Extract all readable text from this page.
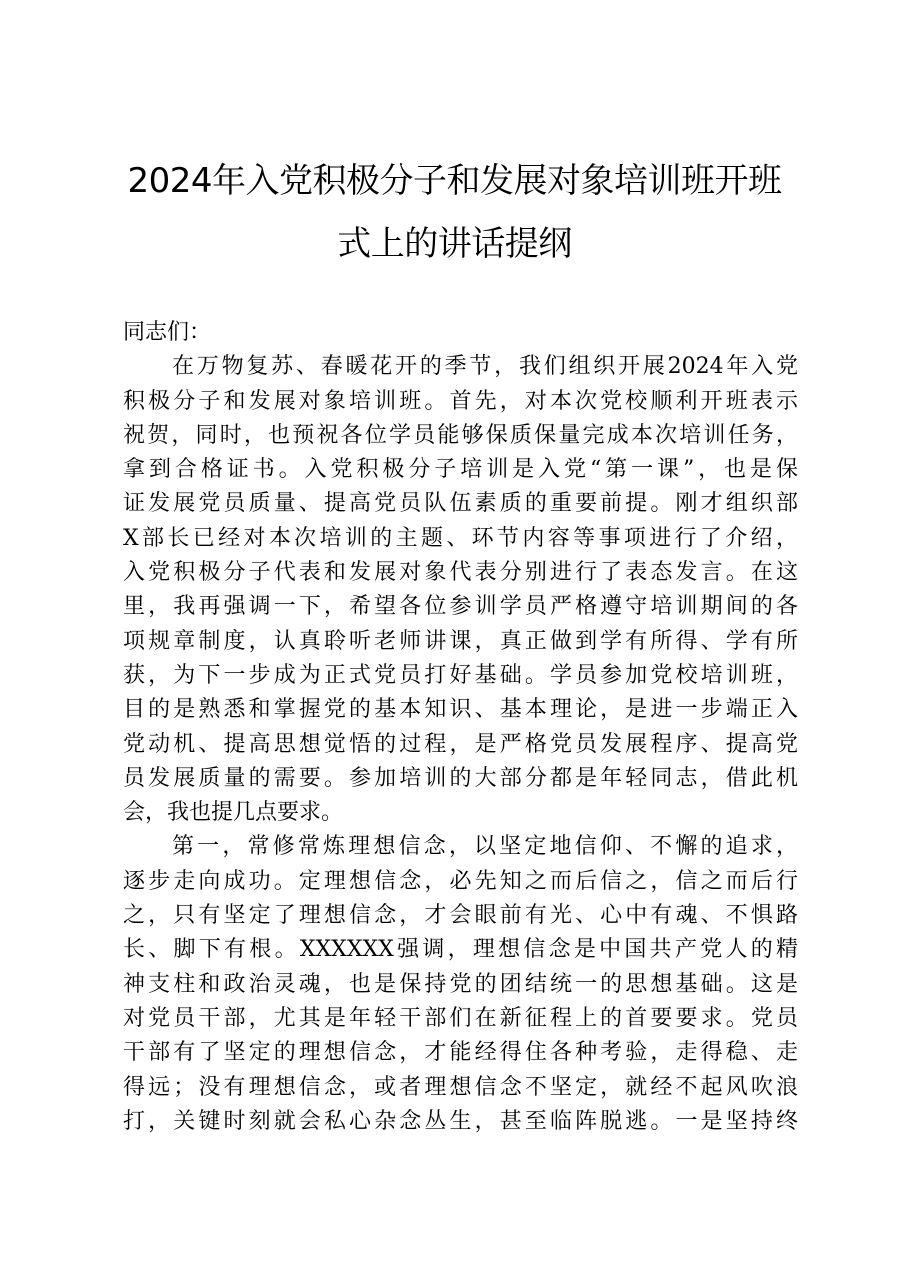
2024年入党积极分子和发展对象培训班开班
式上的讲话提纲
同志们：
在万物复苏、春暖花开的季节，我们组织开展2024年入党
积极分子和发展对象培训班。首先，对本次党校顺利开班表示
祝贺，同时，也预祝各位学员能够保质保量完成本次培训任务，
拿到合格证书。入党积极分子培训是入党“第一课”，也是保
证发展党员质量、提高党员队伍素质的重要前提。刚才组织部
X部长已经对本次培训的主题、环节内容等事项进行了介绍，
入党积极分子代表和发展对象代表分别进行了表态发言。在这
里，我再强调一下，希望各位参训学员严格遵守培训期间的各
项规章制度，认真聆听老师讲课，真正做到学有所得、学有所
获，为下一步成为正式党员打好基础。学员参加党校培训班，
目的是熟悉和掌握党的基本知识、基本理论，是进一步端正入
党动机、提高思想觉悟的过程，是严格党员发展程序、提高党
员发展质量的需要。参加培训的大部分都是年轻同志，借此机
会，我也提几点要求。
第一，常修常炼理想信念，以坚定地信仰、不懈的追求，
逐步走向成功。定理想信念，必先知之而后信之，信之而后行
之，只有坚定了理想信念，才会眼前有光、心中有魂、不惧路
长、脚下有根。XXXXXX强调，理想信念是中国共产党人的精
神支柱和政治灵魂，也是保持党的团结统一的思想基础。这是
对党员干部，尤其是年轻干部们在新征程上的首要要求。党员
干部有了坚定的理想信念，才能经得住各种考验，走得稳、走
得远；没有理想信念，或者理想信念不坚定，就经不起风吹浪
打，关键时刻就会私心杂念丛生，甚至临阵脱逃。一是坚持终
